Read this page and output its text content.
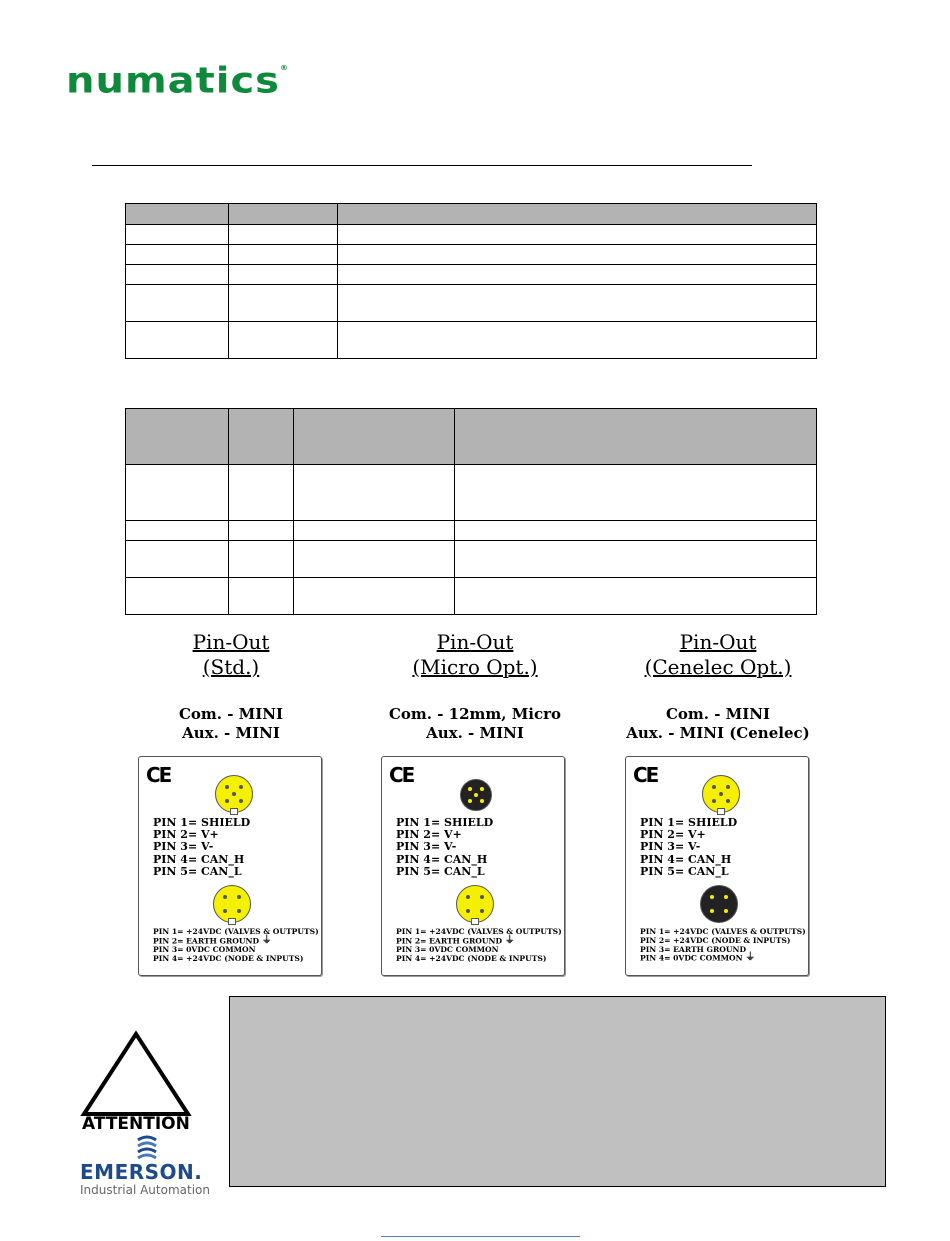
numatics®

Pin-Out
(Std.)
Pin-Out
(Micro Opt.)
Pin-Out
(Cenelec Opt.)
Com. - MINI
Aux. - MINI
Com. - 12mm, Micro
Aux. - MINI
Com. - MINI
Aux. - MINI (Cenelec)
CE
PIN 1= SHIELD
PIN 2= V+
PIN 3= V-
PIN 4= CAN_H
PIN 5= CAN_L
PIN 1= +24VDC (VALVES & OUTPUTS)
PIN 2= EARTH GROUND ⏚
PIN 3= 0VDC COMMON
PIN 4= +24VDC (NODE & INPUTS)
CE
PIN 1= SHIELD
PIN 2= V+
PIN 3= V-
PIN 4= CAN_H
PIN 5= CAN_L
PIN 1= +24VDC (VALVES & OUTPUTS)
PIN 2= EARTH GROUND ⏚
PIN 3= 0VDC COMMON
PIN 4= +24VDC (NODE & INPUTS)
CE
PIN 1= SHIELD
PIN 2= V+
PIN 3= V-
PIN 4= CAN_H
PIN 5= CAN_L
PIN 1= +24VDC (VALVES & OUTPUTS)
PIN 2= +24VDC (NODE & INPUTS)
PIN 3= EARTH GROUND
PIN 4= 0VDC COMMON ⏚
ATTENTION
EMERSON.
Industrial Automation
